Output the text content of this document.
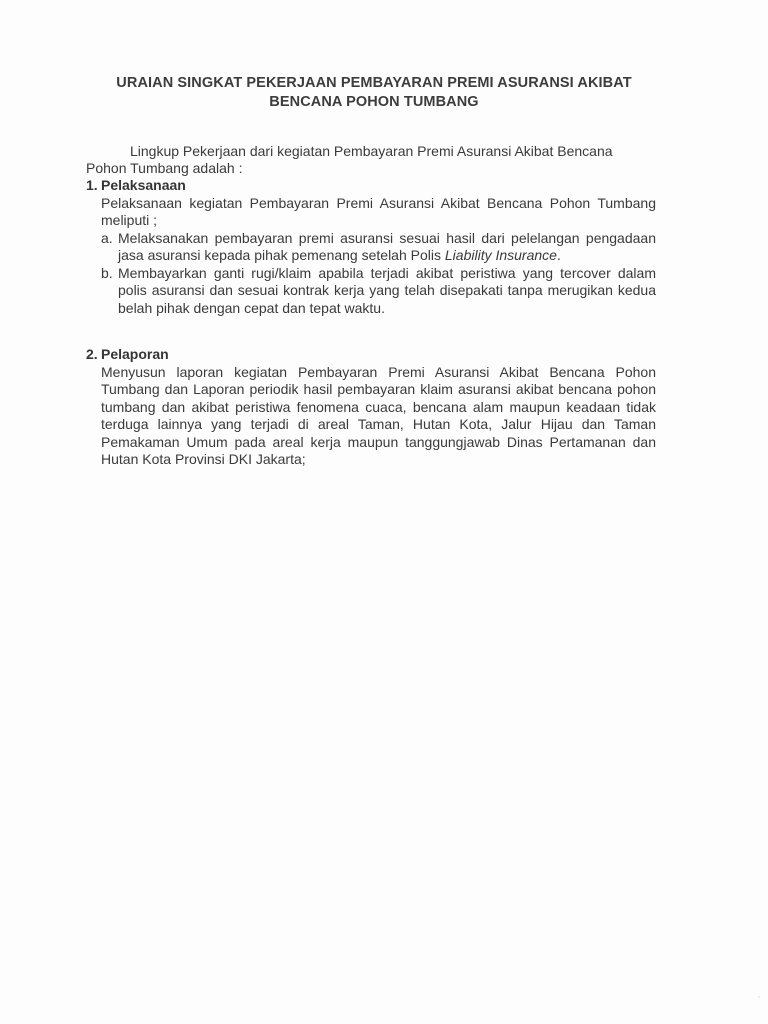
URAIAN SINGKAT PEKERJAAN PEMBAYARAN PREMI ASURANSI AKIBAT
BENCANA POHON TUMBANG
Lingkup Pekerjaan dari kegiatan Pembayaran Premi Asuransi Akibat Bencana
Pohon Tumbang adalah :
1. Pelaksanaan
Pelaksanaan kegiatan Pembayaran Premi Asuransi Akibat Bencana Pohon Tumbang meliputi ;
a. Melaksanakan pembayaran premi asuransi sesuai hasil dari pelelangan pengadaan jasa asuransi kepada pihak pemenang setelah Polis Liability Insurance.
b. Membayarkan ganti rugi/klaim apabila terjadi akibat peristiwa yang tercover dalam polis asuransi dan sesuai kontrak kerja yang telah disepakati tanpa merugikan kedua belah pihak dengan cepat dan tepat waktu.
2. Pelaporan
Menyusun laporan kegiatan Pembayaran Premi Asuransi Akibat Bencana Pohon Tumbang dan Laporan periodik hasil pembayaran klaim asuransi akibat bencana pohon tumbang dan akibat peristiwa fenomena cuaca, bencana alam maupun keadaan tidak terduga lainnya yang terjadi di areal Taman, Hutan Kota, Jalur Hijau dan Taman Pemakaman Umum pada areal kerja maupun tanggungjawab Dinas Pertamanan dan Hutan Kota Provinsi DKI Jakarta;
